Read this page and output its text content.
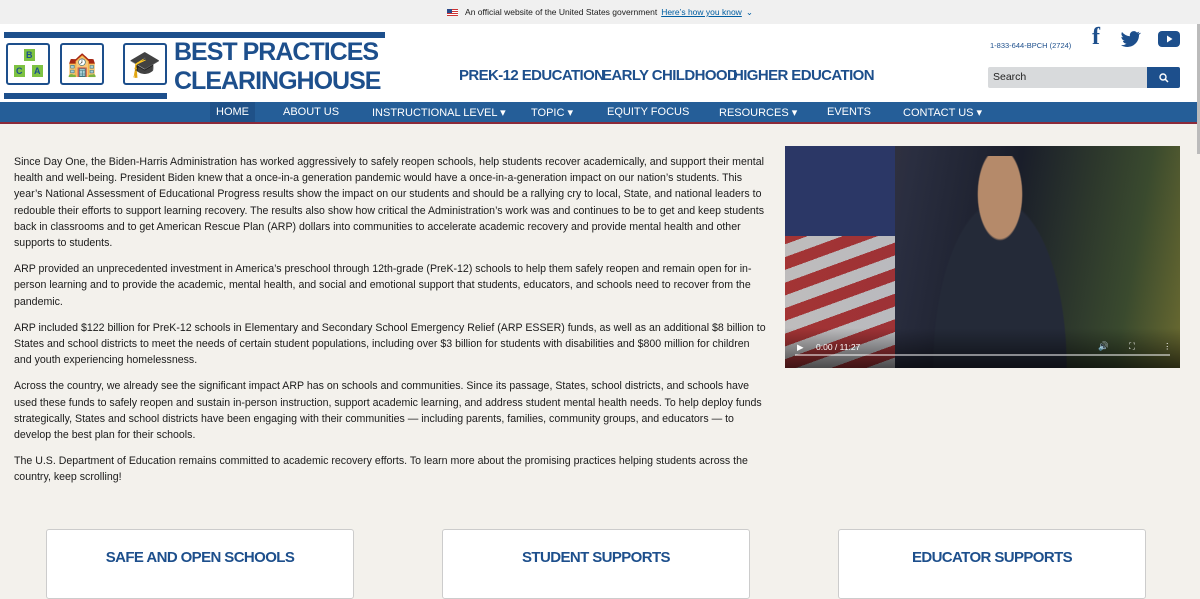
An official website of the United States government Here’s how you know ⌄
B
C A 🏫 🎓 BEST PRACTICES
CLEARINGHOUSE	PREK-12 EDUCATION
EARLY CHILDHOOD
HIGHER EDUCATION
1-833-644-BPCH (2724) f
Search
HOME	ABOUT US	INSTRUCTIONAL LEVEL ▾ TOPIC ▾	EQUITY FOCUS	RESOURCES ▾	EVENTS	CONTACT US ▾

Since Day One, the Biden-Harris Administration has worked aggressively to safely reopen schools, help students recover academically, and support their mental health and well-being. President Biden knew that a once-in-a generation pandemic would have a once-in-a-generation impact on our nation’s students. This year’s National Assessment of Educational Progress results show the impact on our students and should be a rallying cry to local, State, and national leaders to redouble their efforts to support learning recovery. The results also show how critical the Administration’s work was and continues to be to get and keep students back in classrooms and to get American Rescue Plan (ARP) dollars into communities to accelerate academic recovery and provide mental health and other supports to students.

ARP provided an unprecedented investment in America’s preschool through 12th-grade (PreK-12) schools to help them safely reopen and remain open for in-person learning and to provide the academic, mental health, and social and emotional support that students, educators, and schools need to recover from the pandemic.

ARP included $122 billion for PreK-12 schools in Elementary and Secondary School Emergency Relief (ARP ESSER) funds, as well as an additional $8 billion to States and school districts to meet the needs of certain student populations, including over $3 billion for students with disabilities and $800 million for children and youth experiencing homelessness.

Across the country, we already see the significant impact ARP has on schools and communities. Since its passage, States, school districts, and schools have used these funds to safely reopen and sustain in-person instruction, support academic learning, and address student mental health needs. To help deploy funds strategically, States and school districts have been engaging with their communities — including parents, families, community groups, and educators — to develop the best plan for their schools.

The U.S. Department of Education remains committed to academic recovery efforts. To learn more about the promising practices helping students across the country, keep scrolling!

▶ 0:00 / 11:27	🔊 ⛶	⋮
SAFE AND OPEN SCHOOLS	STUDENT SUPPORTS	EDUCATOR SUPPORTS
